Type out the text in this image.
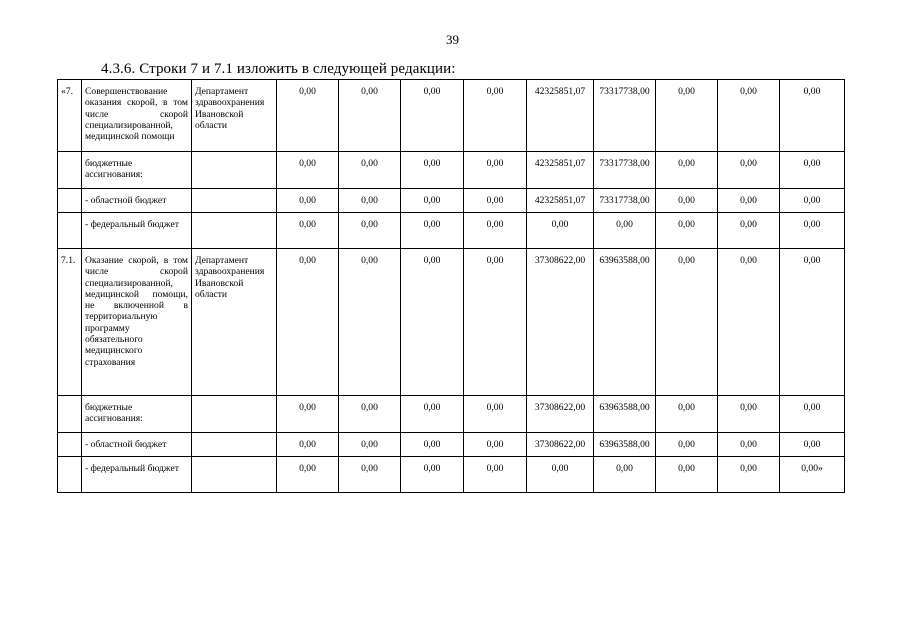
39
4.3.6. Строки 7 и 7.1 изложить в следующей редакции:
«7.	Совершенствование оказания скорой, в том числе скорой специализированной, медицинской помощи	Департамент здравоохранения Ивановской области	0,00	0,00	0,00	0,00	42325851,07	73317738,00	0,00	0,00	0,00
	бюджетные ассигнования:		0,00	0,00	0,00	0,00	42325851,07	73317738,00	0,00	0,00	0,00
	- областной бюджет		0,00	0,00	0,00	0,00	42325851,07	73317738,00	0,00	0,00	0,00
	- федеральный бюджет		0,00	0,00	0,00	0,00	0,00	0,00	0,00	0,00	0,00
7.1.	Оказание скорой, в том числе скорой специализированной, медицинской помощи, не включенной в территориальную программу обязательного медицинского страхования	Департамент здравоохранения Ивановской области	0,00	0,00	0,00	0,00	37308622,00	63963588,00	0,00	0,00	0,00
	бюджетные ассигнования:		0,00	0,00	0,00	0,00	37308622,00	63963588,00	0,00	0,00	0,00
	- областной бюджет		0,00	0,00	0,00	0,00	37308622,00	63963588,00	0,00	0,00	0,00
	- федеральный бюджет		0,00	0,00	0,00	0,00	0,00	0,00	0,00	0,00	0,00»
